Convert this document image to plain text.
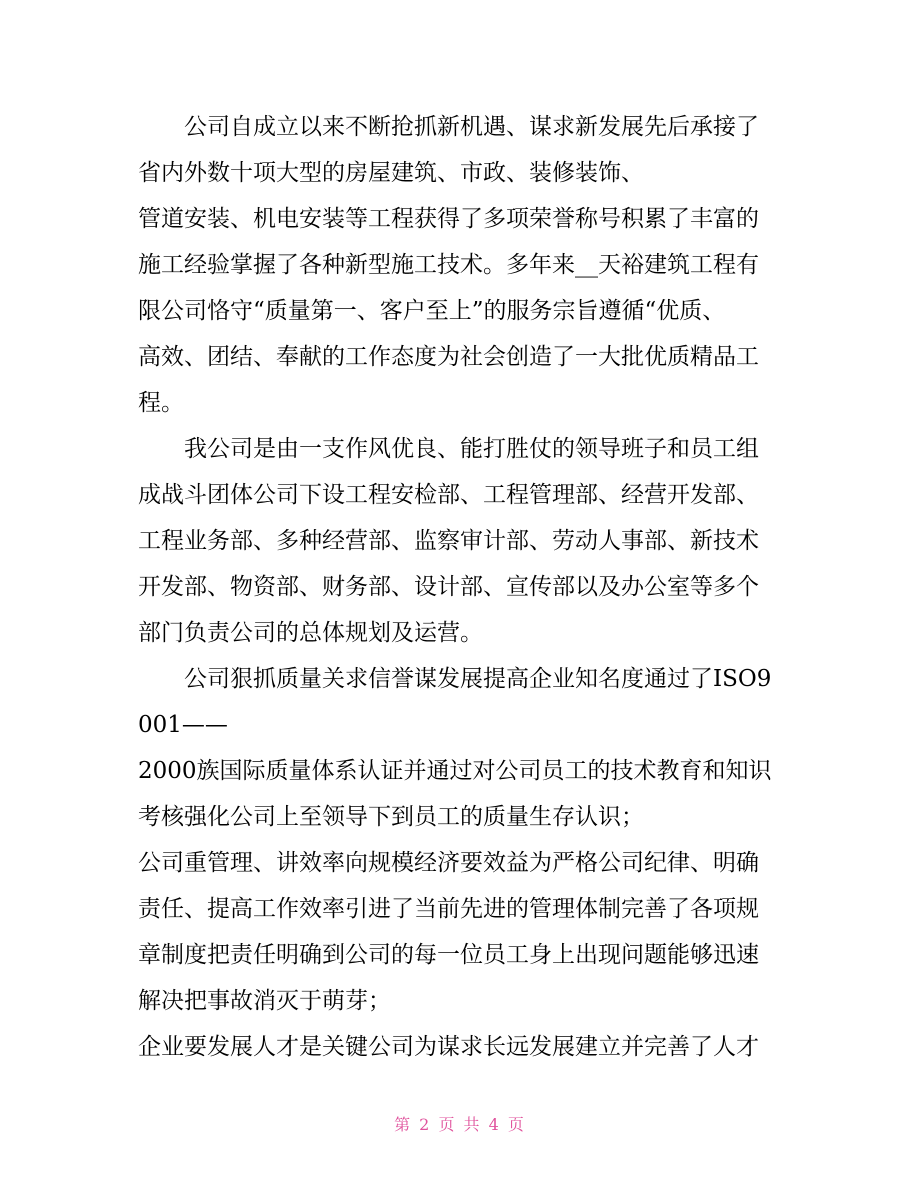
公司自成立以来不断抢抓新机遇、谋求新发展先后承接了
省内外数十项大型的房屋建筑、市政、装修装饰、
管道安装、机电安装等工程获得了多项荣誉称号积累了丰富的
施工经验掌握了各种新型施工技术。多年来__天裕建筑工程有
限公司恪守“质量第一、客户至上”的服务宗旨遵循“优质、
高效、团结、奉献的工作态度为社会创造了一大批优质精品工
程。
我公司是由一支作风优良、能打胜仗的领导班子和员工组
成战斗团体公司下设工程安检部、工程管理部、经营开发部、
工程业务部、多种经营部、监察审计部、劳动人事部、新技术
开发部、物资部、财务部、设计部、宣传部以及办公室等多个
部门负责公司的总体规划及运营。
公司狠抓质量关求信誉谋发展提高企业知名度通过了ISO9
001——
2000族国际质量体系认证并通过对公司员工的技术教育和知识
考核强化公司上至领导下到员工的质量生存认识；
公司重管理、讲效率向规模经济要效益为严格公司纪律、明确
责任、提高工作效率引进了当前先进的管理体制完善了各项规
章制度把责任明确到公司的每一位员工身上出现问题能够迅速
解决把事故消灭于萌芽；
企业要发展人才是关键公司为谋求长远发展建立并完善了人才
第 2 页 共 4 页
